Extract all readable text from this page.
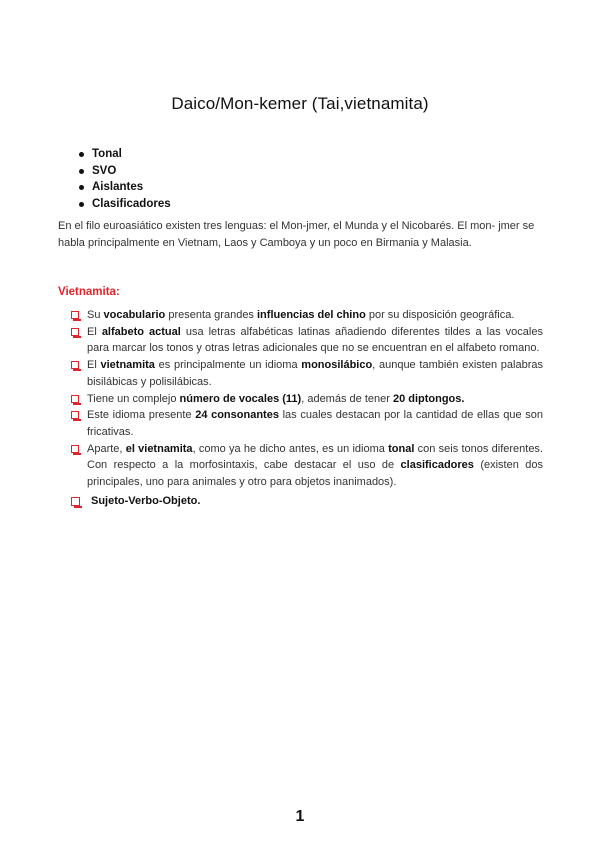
Daico/Mon-kemer (Tai,vietnamita)
Tonal
SVO
Aislantes
Clasificadores

En el filo euroasiático existen tres lenguas: el Mon-jmer, el Munda y el Nicobarés. El mon- jmer se habla principalmente en Vietnam, Laos y Camboya y un poco en Birmania y Malasia.

Vietnamita:
Su vocabulario presenta grandes influencias del chino por su disposición geográfica.
El alfabeto actual usa letras alfabéticas latinas añadiendo diferentes tildes a las vocales para marcar los tonos y otras letras adicionales que no se encuentran en el alfabeto romano.
El vietnamita es principalmente un idioma monosilábico, aunque también existen palabras bisilábicas y polisilábicas.
Tiene un complejo número de vocales (11), además de tener 20 diptongos.
Este idioma presente 24 consonantes las cuales destacan por la cantidad de ellas que son fricativas.
Aparte, el vietnamita, como ya he dicho antes, es un idioma tonal con seis tonos diferentes. Con respecto a la morfosintaxis, cabe destacar el uso de clasificadores (existen dos principales, uno para animales y otro para objetos inanimados).
Sujeto-Verbo-Objeto.
1
